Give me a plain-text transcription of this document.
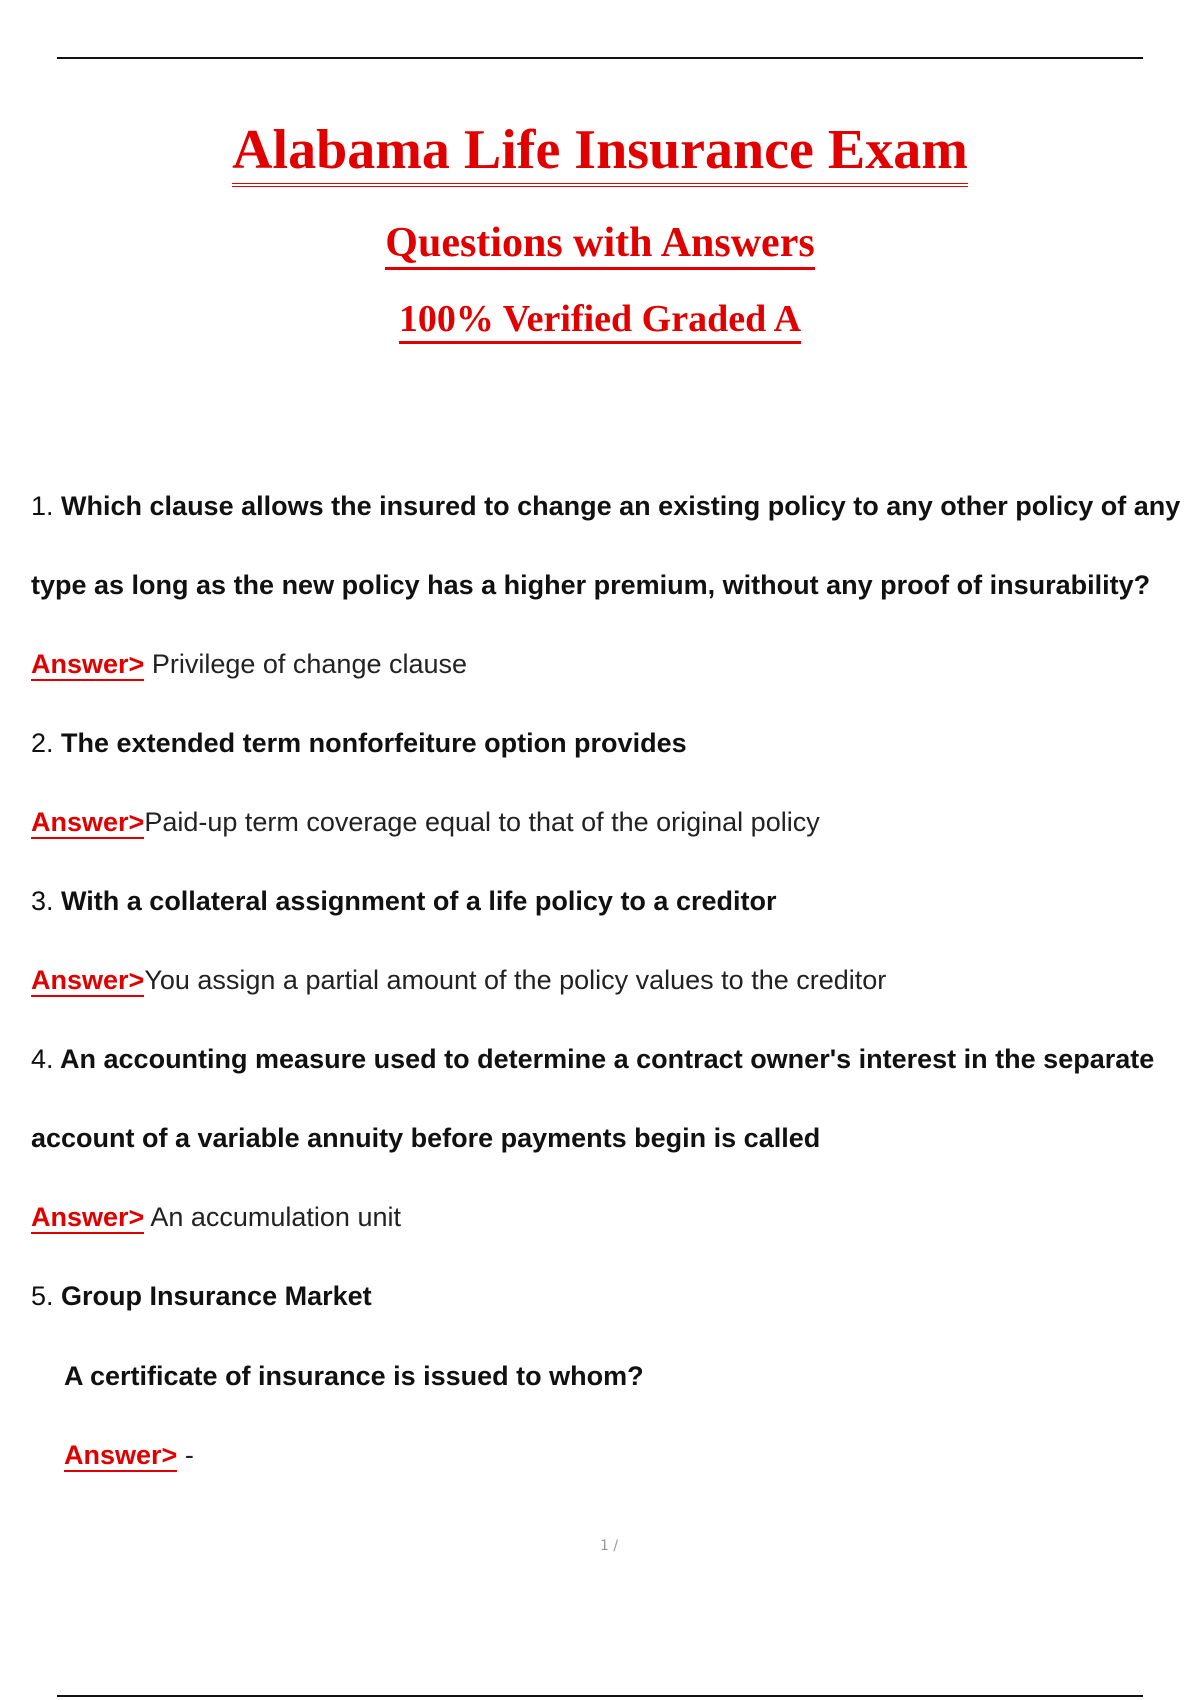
Alabama Life Insurance Exam
Questions with Answers
100% Verified Graded A
1. Which clause allows the insured to change an existing policy to any other policy of any
type as long as the new policy has a higher premium, without any proof of insurability?
Answer> Privilege of change clause
2. The extended term nonforfeiture option provides
Answer>Paid-up term coverage equal to that of the original policy
3. With a collateral assignment of a life policy to a creditor
Answer>You assign a partial amount of the policy values to the creditor
4. An accounting measure used to determine a contract owner's interest in the separate
account of a variable annuity before payments begin is called
Answer> An accumulation unit
5. Group Insurance Market
A certificate of insurance is issued to whom?
Answer> -
1 /
